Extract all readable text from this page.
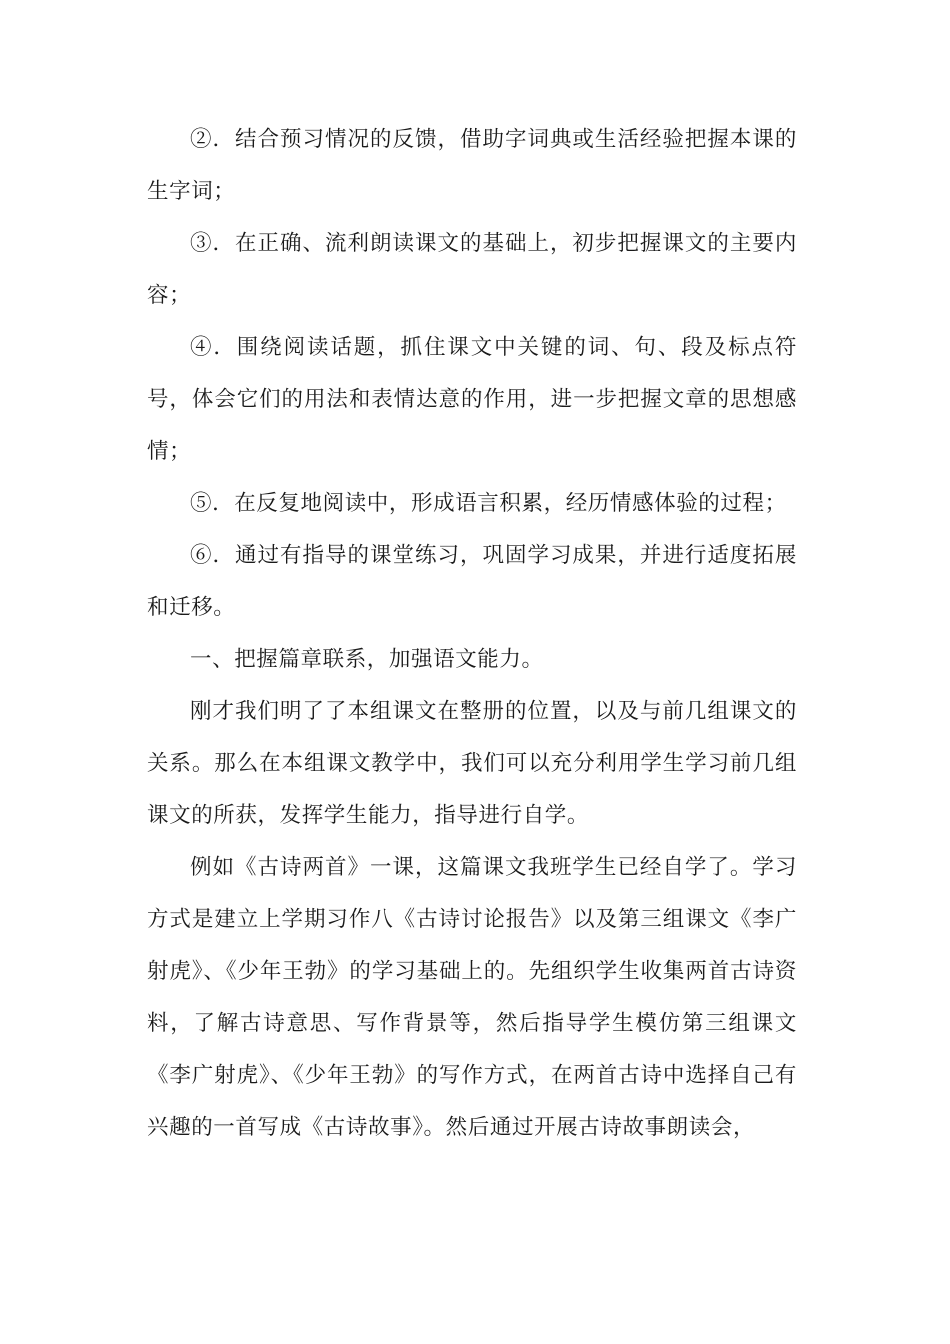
②．结合预习情况的反馈，借助字词典或生活经验把握本课的生字词；

③．在正确、流利朗读课文的基础上，初步把握课文的主要内容；

④．围绕阅读话题，抓住课文中关键的词、句、段及标点符号，体会它们的用法和表情达意的作用，进一步把握文章的思想感情；

⑤．在反复地阅读中，形成语言积累，经历情感体验的过程；

⑥．通过有指导的课堂练习，巩固学习成果，并进行适度拓展和迁移。

一、把握篇章联系，加强语文能力。

刚才我们明了了本组课文在整册的位置，以及与前几组课文的关系。那么在本组课文教学中，我们可以充分利用学生学习前几组课文的所获，发挥学生能力，指导进行自学。

例如《古诗两首》一课，这篇课文我班学生已经自学了。学习方式是建立上学期习作八《古诗讨论报告》以及第三组课文《李广射虎》、《少年王勃》的学习基础上的。先组织学生收集两首古诗资料，了解古诗意思、写作背景等，然后指导学生模仿第三组课文《李广射虎》、《少年王勃》的写作方式，在两首古诗中选择自己有兴趣的一首写成《古诗故事》。然后通过开展古诗故事朗读会，
